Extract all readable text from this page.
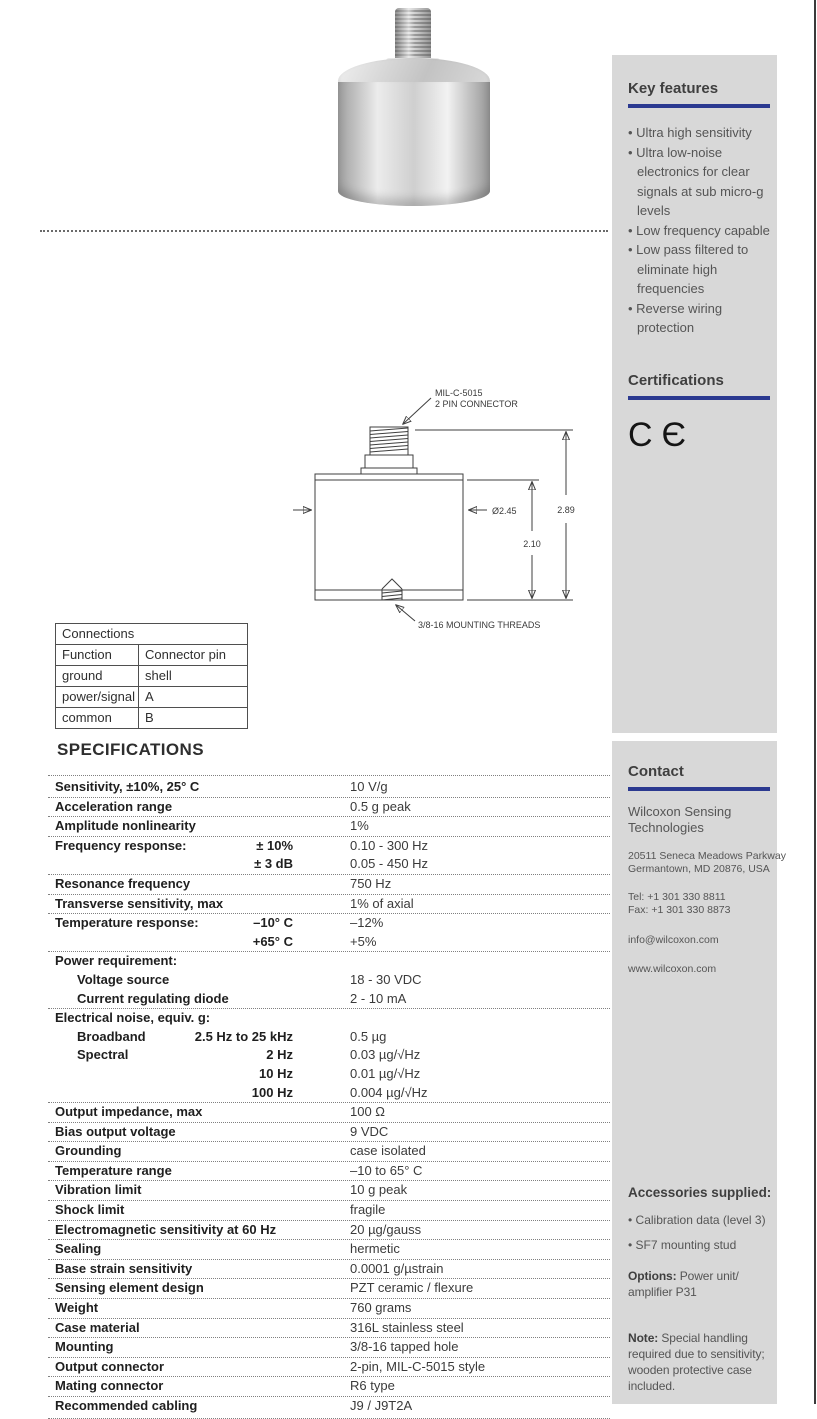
Key features
• Ultra high sensitivity
• Ultra low-noise electronics for clear signals at sub micro-g levels
• Low frequency capable
• Low pass filtered to eliminate high frequencies
• Reverse wiring protection
Certifications
CЄ
MIL-C-5015
2 PIN CONNECTOR
Ø2.45	2.89
2.10
3/8-16 MOUNTING THREADS
Connections
Function	Connector pin
ground	shell
power/signal A
common	B
SPECIFICATIONS
Sensitivity, ±10%, 25° C	10 V/g
Acceleration range	0.5 g peak
Amplitude nonlinearity	1%
Frequency response:	± 10%	0.10 - 300 Hz
± 3 dB	0.05 - 450 Hz
Resonance frequency	750 Hz
Transverse sensitivity, max	1% of axial
Temperature response:	–10° C	–12%
+65° C	+5%
Power requirement:
Voltage source	18 - 30 VDC
Current regulating diode	2 - 10 mA
Electrical noise, equiv. g:
Broadband	2.5 Hz to 25 kHz	0.5 µg
Spectral	2 Hz	0.03 µg/√Hz
10 Hz	0.01 µg/√Hz
100 Hz	0.004 µg/√Hz
Output impedance, max	100 Ω
Bias output voltage	9 VDC
Grounding	case isolated
Temperature range	–10 to 65° C
Vibration limit	10 g peak
Shock limit	fragile
Electromagnetic sensitivity at 60 Hz	20 µg/gauss
Sealing	hermetic
Base strain sensitivity	0.0001 g/µstrain
Sensing element design	PZT ceramic / flexure
Weight	760 grams
Case material	316L stainless steel
Mounting	3/8-16 tapped hole
Output connector	2-pin, MIL-C-5015 style
Mating connector	R6 type
Recommended cabling	J9 / J9T2A
Contact
Wilcoxon Sensing Technologies
20511 Seneca Meadows Parkway
Germantown, MD 20876, USA
Tel: +1 301 330 8811
Fax: +1 301 330 8873
info@wilcoxon.com
www.wilcoxon.com
Accessories supplied:
• Calibration data (level 3)
• SF7 mounting stud

Options: Power unit/ amplifier P31

Note: Special handling required due to sensitivity; wooden protective case included.
